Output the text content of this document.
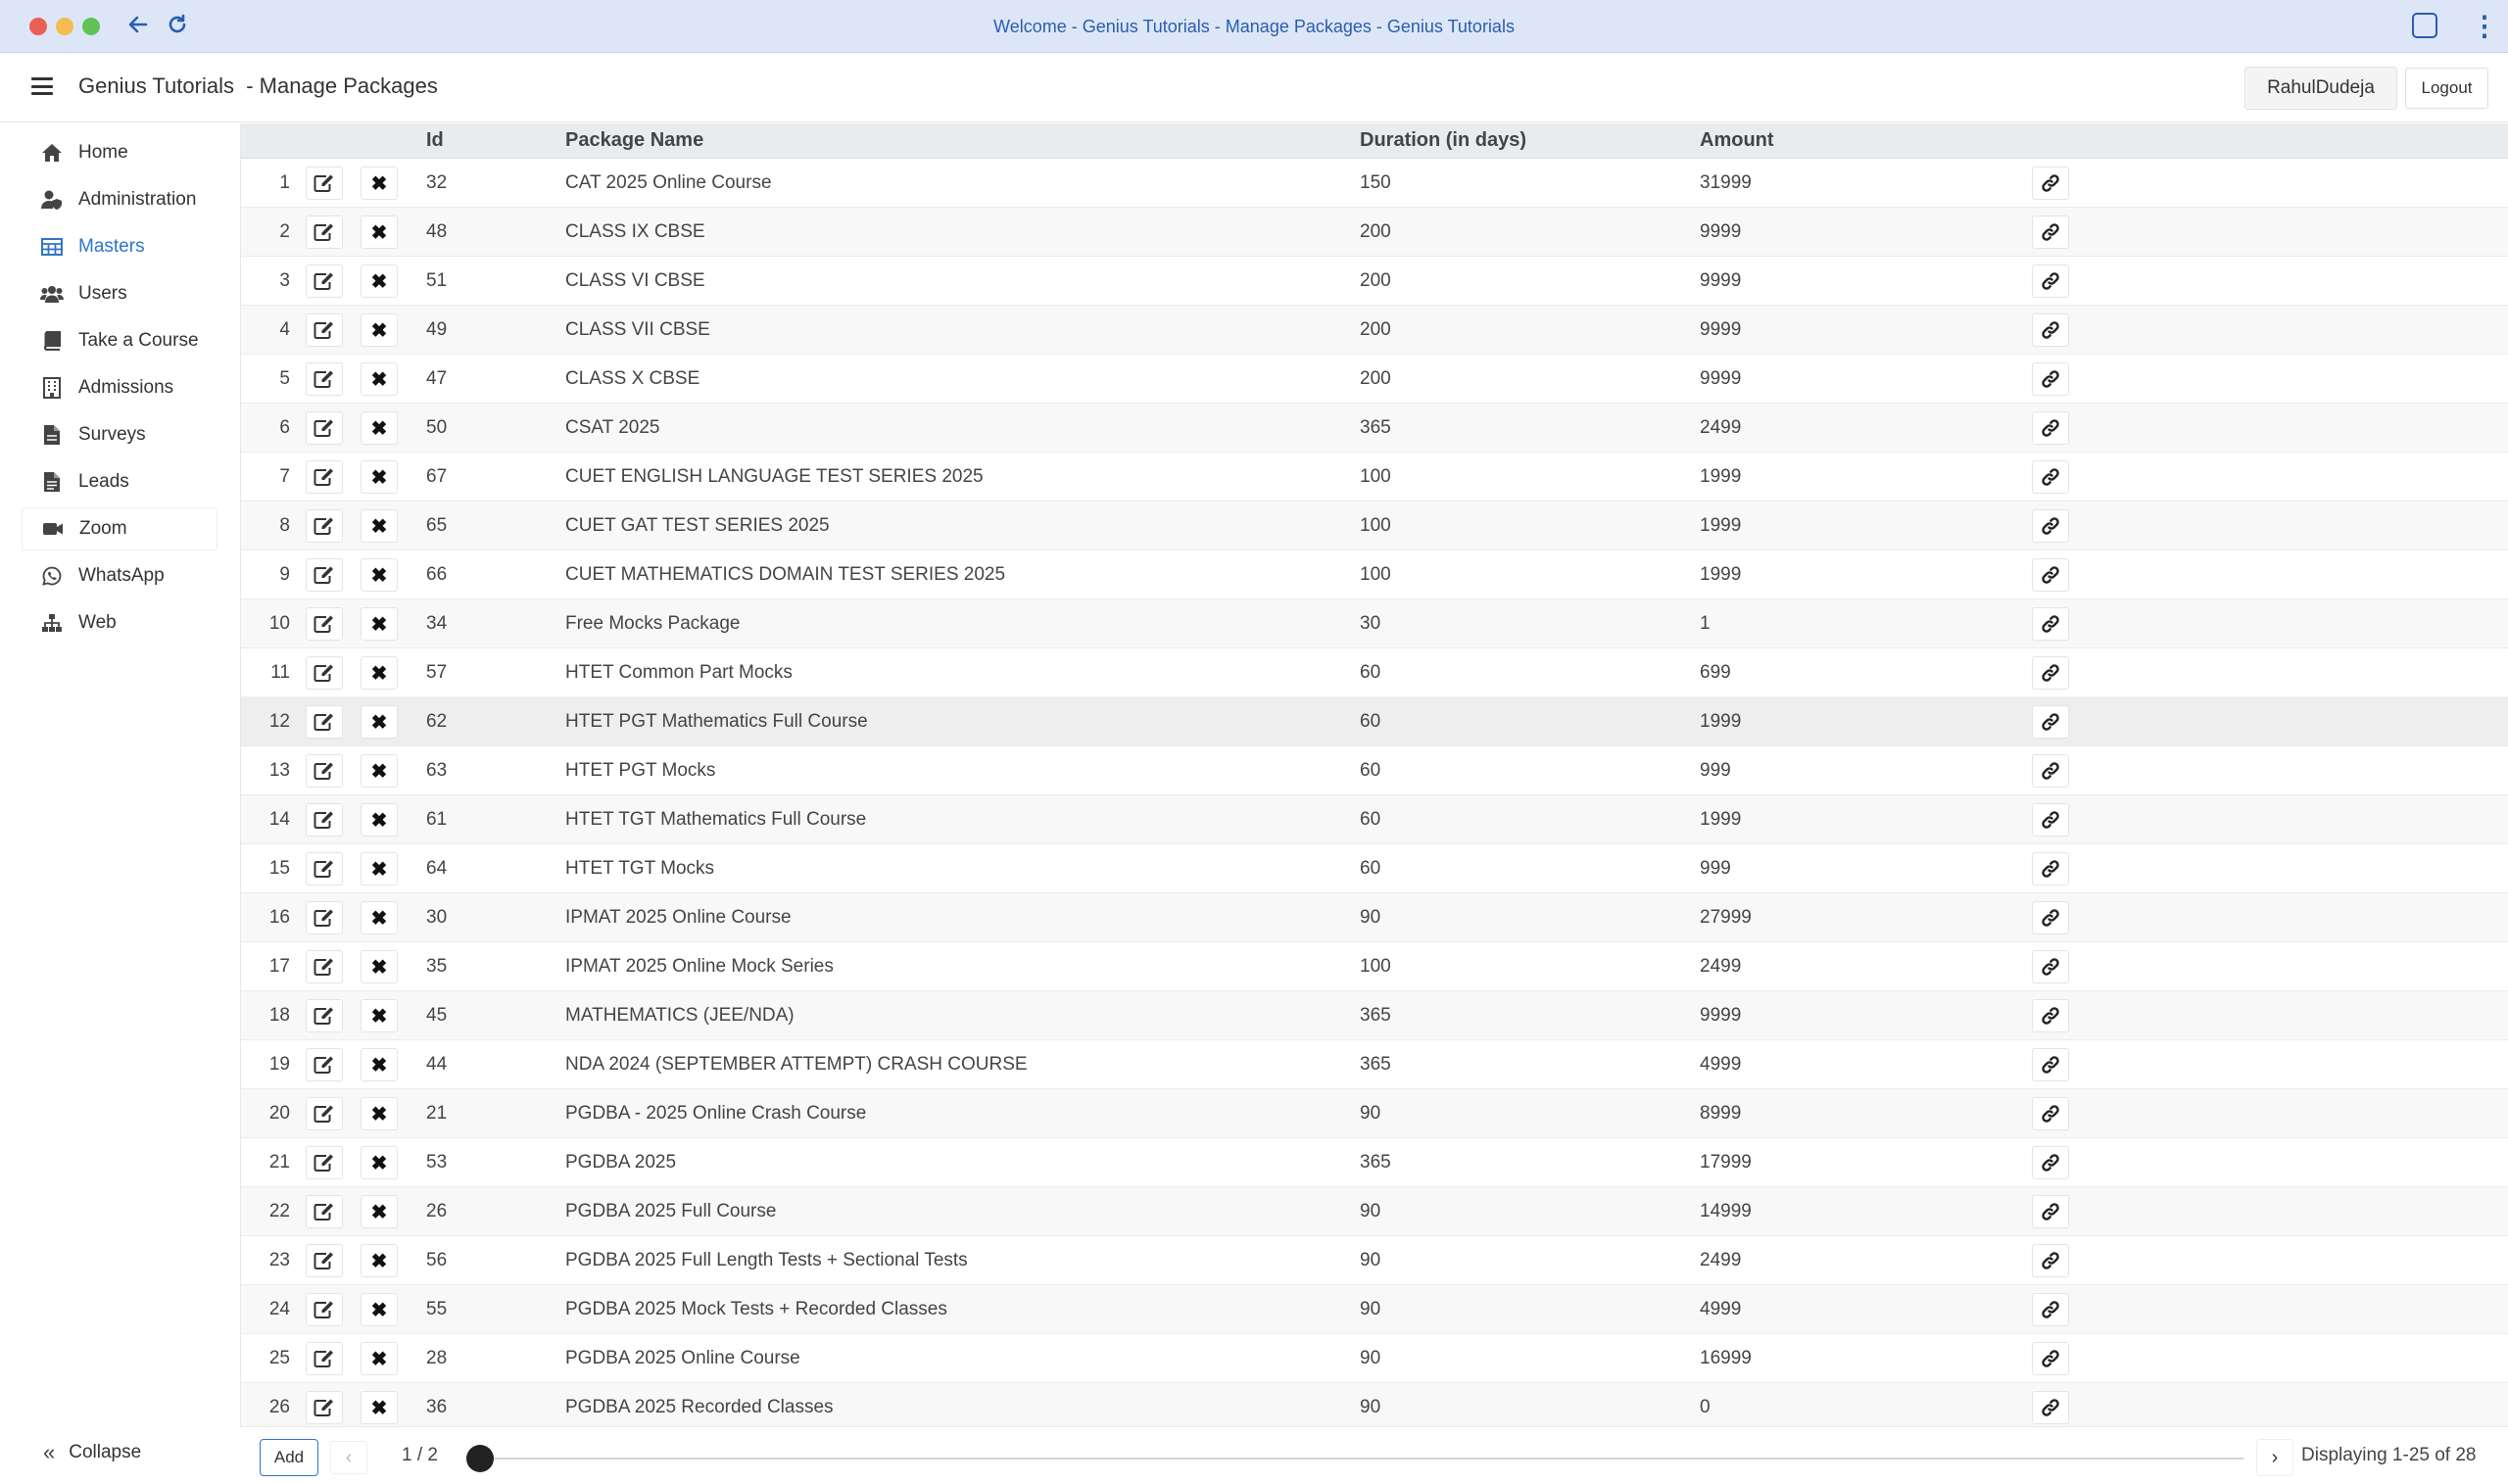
Welcome - Genius Tutorials - Manage Packages - Genius Tutorials	⋮
Genius Tutorials  - Manage Packages	RahulDudeja	Logout
Home
Administration
Masters
Users
Take a Course
Admissions
Surveys
Leads
Zoom
WhatsApp
Web
« Collapse
Id	Package Name	Duration (in days)	Amount
1	✖	32	CAT 2025 Online Course	150	31999
2	✖	48	CLASS IX CBSE	200	9999
3	✖	51	CLASS VI CBSE	200	9999
4	✖	49	CLASS VII CBSE	200	9999
5	✖	47	CLASS X CBSE	200	9999
6	✖	50	CSAT 2025	365	2499
7	✖	67	CUET ENGLISH LANGUAGE TEST SERIES 2025	100	1999
8	✖	65	CUET GAT TEST SERIES 2025	100	1999
9	✖	66	CUET MATHEMATICS DOMAIN TEST SERIES 2025	100	1999
10	✖	34	Free Mocks Package	30	1
11	✖	57	HTET Common Part Mocks	60	699
12	✖	62	HTET PGT Mathematics Full Course	60	1999
13	✖	63	HTET PGT Mocks	60	999
14	✖	61	HTET TGT Mathematics Full Course	60	1999
15	✖	64	HTET TGT Mocks	60	999
16	✖	30	IPMAT 2025 Online Course	90	27999
17	✖	35	IPMAT 2025 Online Mock Series	100	2499
18	✖	45	MATHEMATICS (JEE/NDA)	365	9999
19	✖	44	NDA 2024 (SEPTEMBER ATTEMPT) CRASH COURSE	365	4999
20	✖	21	PGDBA - 2025 Online Crash Course	90	8999
21	✖	53	PGDBA 2025	365	17999
22	✖	26	PGDBA 2025 Full Course	90	14999
23	✖	56	PGDBA 2025 Full Length Tests + Sectional Tests	90	2499
24	✖	55	PGDBA 2025 Mock Tests + Recorded Classes	90	4999
25	✖	28	PGDBA 2025 Online Course	90	16999
26	✖	36	PGDBA 2025 Recorded Classes	90	0
Add	‹	1 / 2	›	Displaying 1-25 of 28
